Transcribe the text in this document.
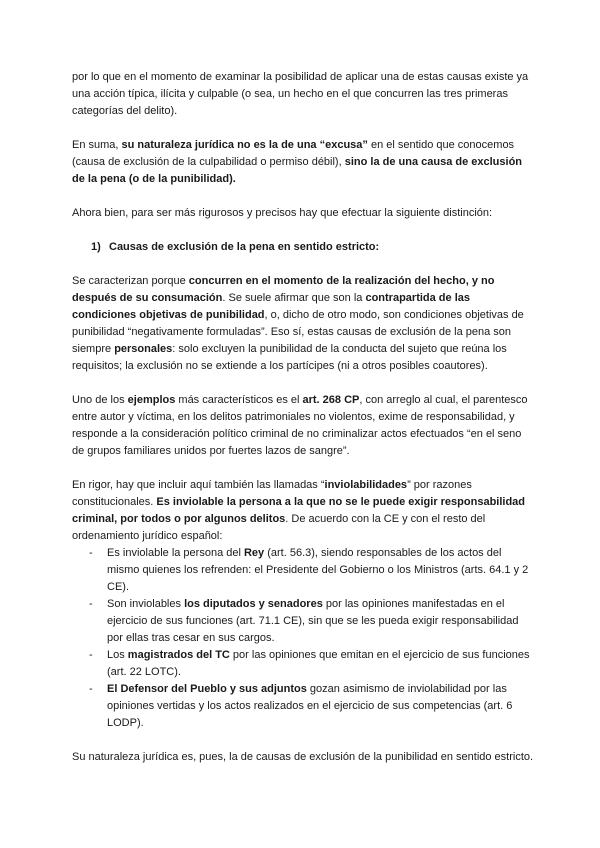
por lo que en el momento de examinar la posibilidad de aplicar una de estas causas existe ya una acción típica, ilícita y culpable (o sea, un hecho en el que concurren las tres primeras categorías del delito).

En suma, su naturaleza jurídica no es la de una “excusa” en el sentido que conocemos (causa de exclusión de la culpabilidad o permiso débil), sino la de una causa de exclusión de la pena (o de la punibilidad).

Ahora bien, para ser más rigurosos y precisos hay que efectuar la siguiente distinción:

1) Causas de exclusión de la pena en sentido estricto:

Se caracterizan porque concurren en el momento de la realización del hecho, y no después de su consumación. Se suele afirmar que son la contrapartida de las condiciones objetivas de punibilidad, o, dicho de otro modo, son condiciones objetivas de punibilidad “negativamente formuladas”. Eso sí, estas causas de exclusión de la pena son siempre personales: solo excluyen la punibilidad de la conducta del sujeto que reúna los requisitos; la exclusión no se extiende a los partícipes (ni a otros posibles coautores).

Uno de los ejemplos más característicos es el art. 268 CP, con arreglo al cual, el parentesco entre autor y víctima, en los delitos patrimoniales no violentos, exime de responsabilidad, y responde a la consideración político criminal de no criminalizar actos efectuados “en el seno de grupos familiares unidos por fuertes lazos de sangre”.

En rigor, hay que incluir aquí también las llamadas “inviolabilidades” por razones constitucionales. Es inviolable la persona a la que no se le puede exigir responsabilidad criminal, por todos o por algunos delitos. De acuerdo con la CE y con el resto del ordenamiento jurídico español:

- Es inviolable la persona del Rey (art. 56.3), siendo responsables de los actos del mismo quienes los refrenden: el Presidente del Gobierno o los Ministros (arts. 64.1 y 2 CE).
- Son inviolables los diputados y senadores por las opiniones manifestadas en el ejercicio de sus funciones (art. 71.1 CE), sin que se les pueda exigir responsabilidad por ellas tras cesar en sus cargos.
- Los magistrados del TC por las opiniones que emitan en el ejercicio de sus funciones (art. 22 LOTC).
- El Defensor del Pueblo y sus adjuntos gozan asimismo de inviolabilidad por las opiniones vertidas y los actos realizados en el ejercicio de sus competencias (art. 6 LODP).

Su naturaleza jurídica es, pues, la de causas de exclusión de la punibilidad en sentido estricto.
